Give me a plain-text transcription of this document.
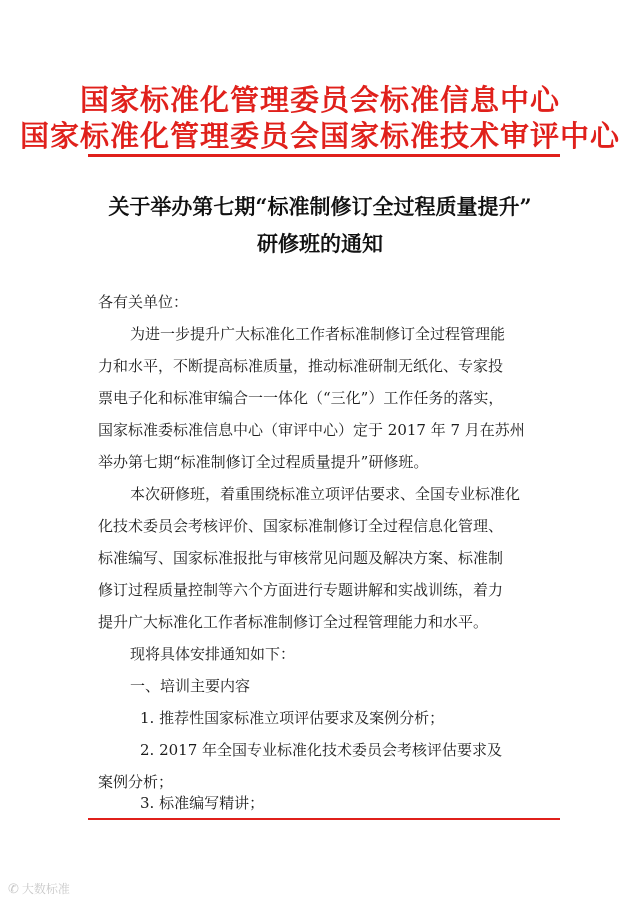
国家标准化管理委员会标准信息中心
国家标准化管理委员会国家标准技术审评中心
关于举办第七期“标准制修订全过程质量提升”
研修班的通知
各有关单位：
为进一步提升广大标准化工作者标准制修订全过程管理能
力和水平，不断提高标准质量，推动标准研制无纸化、专家投
票电子化和标准审编合一一体化（“三化”）工作任务的落实，
国家标准委标准信息中心（审评中心）定于 2017 年 7 月在苏州
举办第七期“标准制修订全过程质量提升”研修班。
本次研修班，着重围绕标准立项评估要求、全国专业标准化
化技术委员会考核评价、国家标准制修订全过程信息化管理、
标准编写、国家标准报批与审核常见问题及解决方案、标准制
修订过程质量控制等六个方面进行专题讲解和实战训练，着力
提升广大标准化工作者标准制修订全过程管理能力和水平。
现将具体安排通知如下：
一、培训主要内容
1. 推荐性国家标准立项评估要求及案例分析；
2. 2017 年全国专业标准化技术委员会考核评估要求及
案例分析；
3. 标准编写精讲；
✆ 大数标准
